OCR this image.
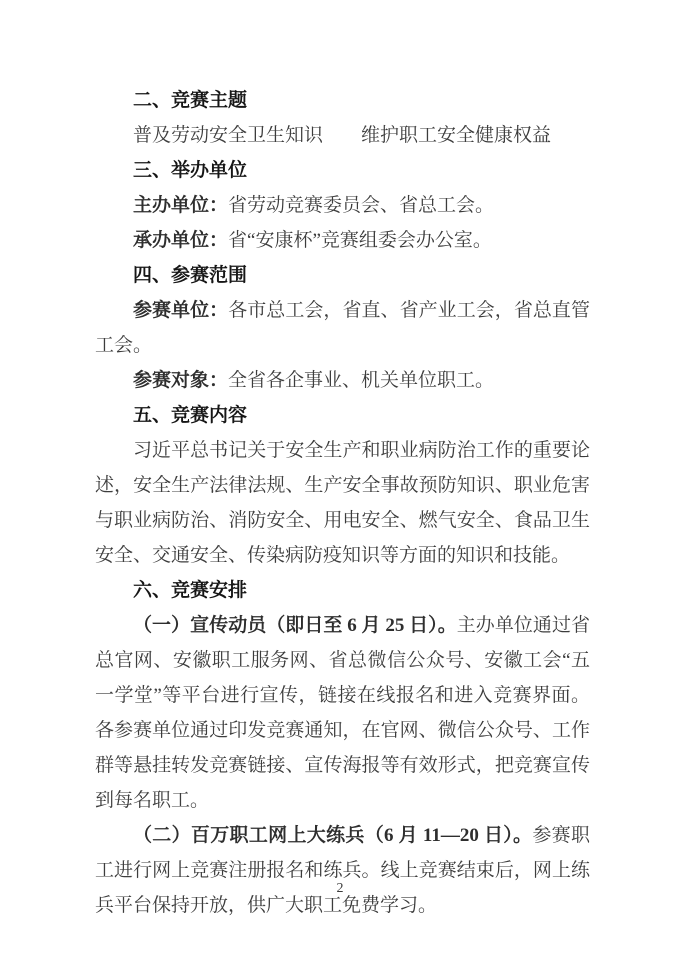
二、竞赛主题

普及劳动安全卫生知识　　维护职工安全健康权益

三、举办单位

主办单位：省劳动竞赛委员会、省总工会。

承办单位：省“安康杯”竞赛组委会办公室。

四、参赛范围

参赛单位：各市总工会，省直、省产业工会，省总直管工会。

参赛对象：全省各企事业、机关单位职工。

五、竞赛内容

习近平总书记关于安全生产和职业病防治工作的重要论述，安全生产法律法规、生产安全事故预防知识、职业危害与职业病防治、消防安全、用电安全、燃气安全、食品卫生安全、交通安全、传染病防疫知识等方面的知识和技能。

六、竞赛安排

（一）宣传动员（即日至 6 月 25 日）。主办单位通过省总官网、安徽职工服务网、省总微信公众号、安徽工会“五一学堂”等平台进行宣传，链接在线报名和进入竞赛界面。各参赛单位通过印发竞赛通知，在官网、微信公众号、工作群等悬挂转发竞赛链接、宣传海报等有效形式，把竞赛宣传到每名职工。

（二）百万职工网上大练兵（6 月 11—20 日）。参赛职工进行网上竞赛注册报名和练兵。线上竞赛结束后，网上练兵平台保持开放，供广大职工免费学习。

2
